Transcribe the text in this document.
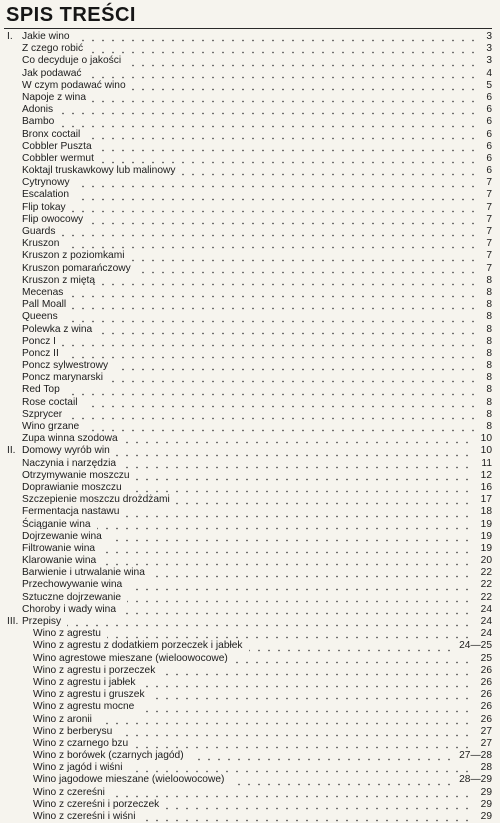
SPIS TREŚCI
I. Jakie wino	3
Z czego robić	3
Co decyduje o jakości	3
Jak podawać	4
W czym podawać wino	5
Napoje z wina	6
Adonis	6
Bambo	6
Bronx coctail	6
Cobbler Puszta	6
Cobbler wermut	6
Koktajl truskawkowy lub malinowy	6
Cytrynowy	7
Escalation	7
Flip tokay	7
Flip owocowy	7
Guards	7
Kruszon	7
Kruszon z poziomkami	7
Kruszon pomarańczowy	7
Kruszon z miętą	8
Mecenas	8
Pall Moall	8
Queens	8
Polewka z wina	8
Poncz I	8
Poncz II	8
Poncz sylwestrowy	8
Poncz marynarski	8
Red Top	8
Rose coctail	8
Szprycer	8
Wino grzane	8
Zupa winna szodowa	10
II. Domowy wyrób win	10
Naczynia i narzędzia	11
Otrzymywanie moszczu	12
Doprawianie moszczu	16
Szczepienie moszczu drożdżami	17
Fermentacja nastawu	18
Ściąganie wina	19
Dojrzewanie wina	19
Filtrowanie wina	19
Klarowanie wina	20
Barwienie i utrwalanie wina	22
Przechowywanie wina	22
Sztuczne dojrzewanie	22
Choroby i wady wina	24
III. Przepisy	24
Wino z agrestu	24
Wino z agrestu z dodatkiem porzeczek i jabłek	24—25
Wino agrestowe mieszane (wieloowocowe)	25
Wino z agrestu i porzeczek	26
Wino z agrestu i jabłek	26
Wino z agrestu i gruszek	26
Wino z agrestu mocne	26
Wino z aronii	26
Wino z berberysu	27
Wino z czarnego bzu	27
Wino z borówek (czarnych jagód)	27—28
Wino z jagód i wiśni	28
Wino jagodowe mieszane (wieloowocowe)	28—29
Wino z czereśni	29
Wino z czereśni i porzeczek	29
Wino z czereśni i wiśni	29
